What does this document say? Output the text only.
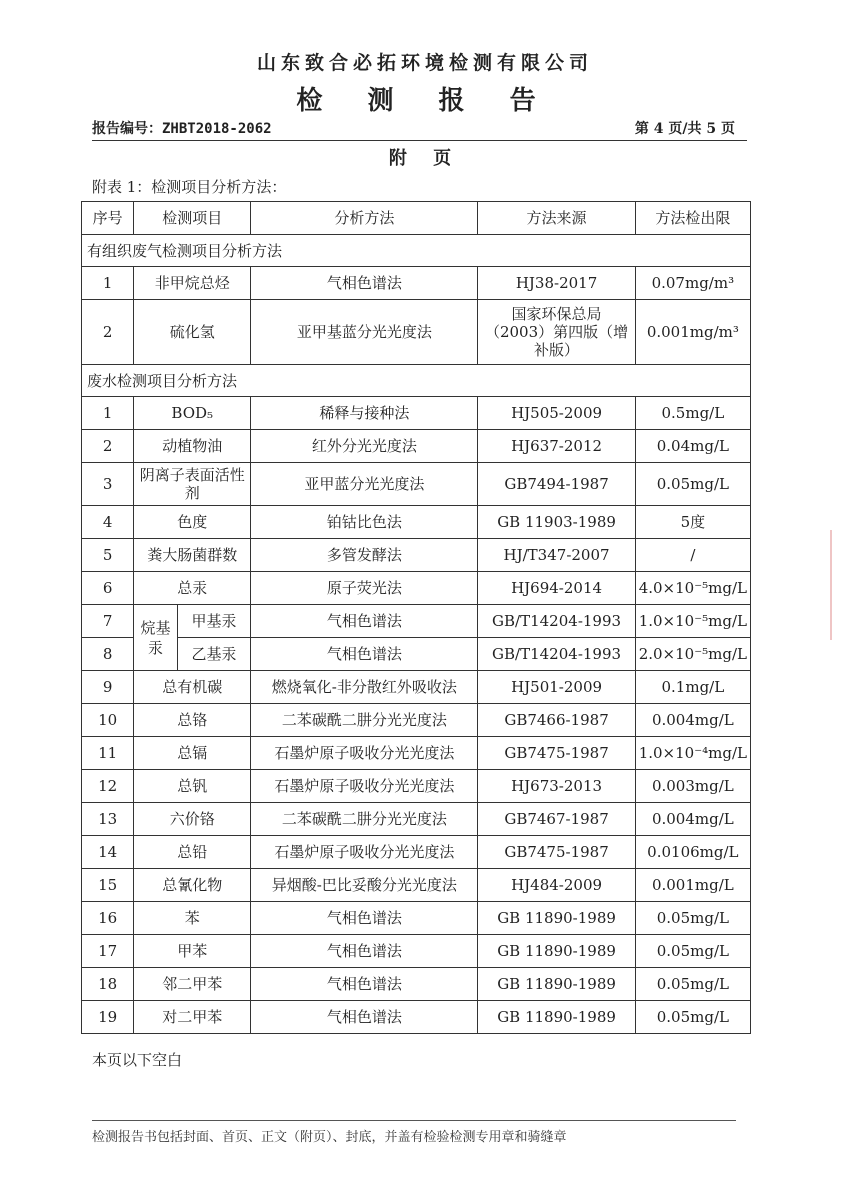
山东致合必拓环境检测有限公司
检 测 报 告
报告编号：ZHBT2018-2062	第 4 页/共 5 页
附 页
附表 1：检测项目分析方法：
序号	检测项目		分析方法	方法来源	方法检出限
有组织废气检测项目分析方法					
1	非甲烷总烃		气相色谱法	HJ38-2017	0.07mg/m³
2	硫化氢		亚甲基蓝分光光度法	国家环保总局（2003）第四版（增补版）	0.001mg/m³
废水检测项目分析方法					
1	BOD₅		稀释与接种法	HJ505-2009	0.5mg/L
2	动植物油		红外分光光度法	HJ637-2012	0.04mg/L
3	阴离子表面活性剂		亚甲蓝分光光度法	GB7494-1987	0.05mg/L
4	色度		铂钴比色法	GB 11903-1989	5度
5	粪大肠菌群数		多管发酵法	HJ/T347-2007	/
6	总汞		原子荧光法	HJ694-2014	4.0×10⁻⁵mg/L
7	烷基汞	甲基汞	气相色谱法	GB/T14204-1993	1.0×10⁻⁵mg/L
8		乙基汞	气相色谱法	GB/T14204-1993	2.0×10⁻⁵mg/L
9	总有机碳		燃烧氧化-非分散红外吸收法	HJ501-2009	0.1mg/L
10	总铬		二苯碳酰二肼分光光度法	GB7466-1987	0.004mg/L
11	总镉		石墨炉原子吸收分光光度法	GB7475-1987	1.0×10⁻⁴mg/L
12	总钒		石墨炉原子吸收分光光度法	HJ673-2013	0.003mg/L
13	六价铬		二苯碳酰二肼分光光度法	GB7467-1987	0.004mg/L
14	总铅		石墨炉原子吸收分光光度法	GB7475-1987	0.0106mg/L
15	总氰化物		异烟酸-巴比妥酸分光光度法	HJ484-2009	0.001mg/L
16	苯		气相色谱法	GB 11890-1989	0.05mg/L
17	甲苯		气相色谱法	GB 11890-1989	0.05mg/L
18	邻二甲苯		气相色谱法	GB 11890-1989	0.05mg/L
19	对二甲苯		气相色谱法	GB 11890-1989	0.05mg/L
本页以下空白
检测报告书包括封面、首页、正文（附页）、封底，并盖有检验检测专用章和骑缝章
